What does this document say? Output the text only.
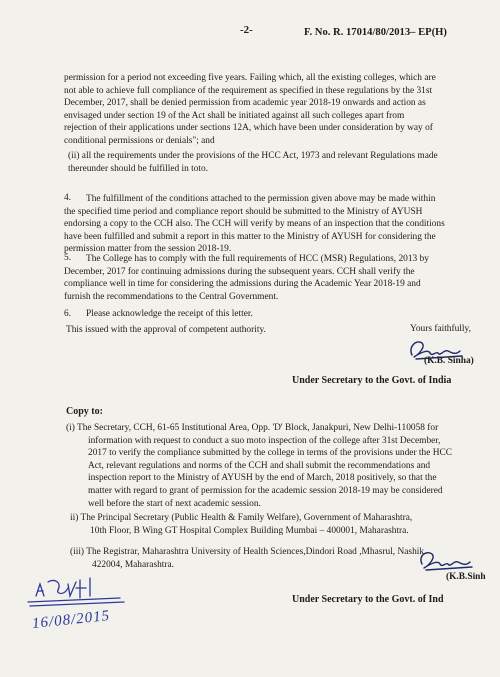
-2-	F. No. R. 17014/80/2013– EP(H)
permission for a period not exceeding five years. Failing which, all the existing colleges, which are
not able to achieve full compliance of the requirement as specified in these regulations by the 31st
December, 2017, shall be denied permission from academic year 2018-19 onwards and action as
envisaged under section 19 of the Act shall be initiated against all such colleges apart from
rejection of their applications under sections 12A, which have been under consideration by way of
conditional permissions or denials"; and
(ii) all the requirements under the provisions of the HCC Act, 1973 and relevant Regulations made
thereunder should be fulfilled in toto.
4.	The fulfillment of the conditions attached to the permission given above may be made within
the specified time period and compliance report should be submitted to the Ministry of AYUSH
endorsing a copy to the CCH also. The CCH will verify by means of an inspection that the conditions
have been fulfilled and submit a report in this matter to the Ministry of AYUSH for considering the
permission matter from the session 2018-19.
5.	The College has to comply with the full requirements of HCC (MSR) Regulations, 2013 by
December, 2017 for continuing admissions during the subsequent years. CCH shall verify the
compliance well in time for considering the admissions during the Academic Year 2018-19 and
furnish the recommendations to the Central Government.
6. Please acknowledge the receipt of this letter.
This issued with the approval of competent authority.	Yours faithfully,
(K.B. Sinha)
Under Secretary to the Govt. of India
Copy to:
(i) The Secretary, CCH, 61-65 Institutional Area, Opp. 'D' Block, Janakpuri, New Delhi-110058 for
information with request to conduct a suo moto inspection of the college after 31st December,
2017 to verify the compliance submitted by the college in terms of the provisions under the HCC
Act, relevant regulations and norms of the CCH and shall submit the recommendations and
inspection report to the Ministry of AYUSH by the end of March, 2018 positively, so that the
matter with regard to grant of permission for the academic session 2018-19 may be considered
well before the start of next academic session.
ii) The Principal Secretary (Public Health & Family Welfare), Government of Maharashtra,
10th Floor, B Wing GT Hospital Complex Building Mumbai – 400001, Maharashtra.
(iii) The Registrar, Maharashtra University of Health Sciences,Dindori Road ,Mhasrul, Nashik
422004, Maharashtra.
(K.B.Sinh
Under Secretary to the Govt. of Ind
16/08/2015
